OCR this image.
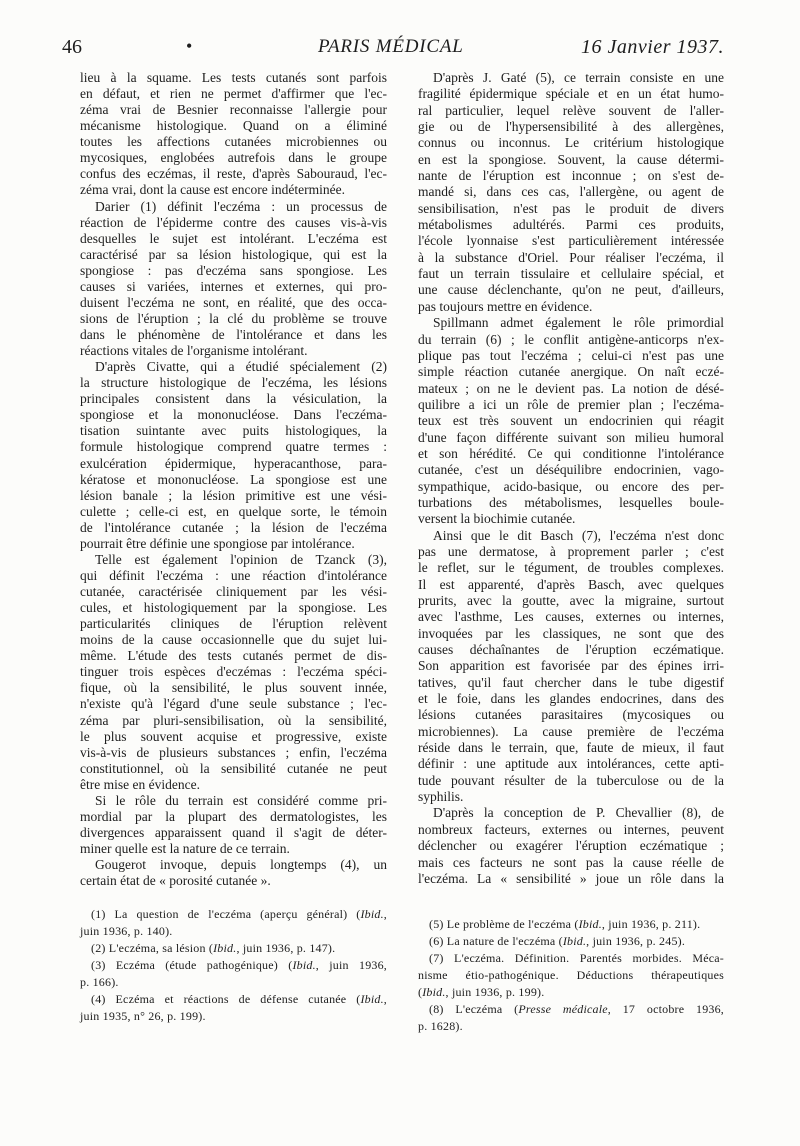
46	•	PARIS MÉDICAL	16 Janvier 1937.
lieu à la squame. Les tests cutanés sont parfois
en défaut, et rien ne permet d'affirmer que l'ec-
zéma vrai de Besnier reconnaisse l'allergie pour
mécanisme histologique. Quand on a éliminé
toutes les affections cutanées microbiennes ou
mycosiques, englobées autrefois dans le groupe
confus des eczémas, il reste, d'après Sabouraud, l'ec-
zéma vrai, dont la cause est encore indéterminée.
Darier (1) définit l'eczéma : un processus de
réaction de l'épiderme contre des causes vis-à-vis
desquelles le sujet est intolérant. L'eczéma est
caractérisé par sa lésion histologique, qui est la
spongiose : pas d'eczéma sans spongiose. Les
causes si variées, internes et externes, qui pro-
duisent l'eczéma ne sont, en réalité, que des occa-
sions de l'éruption ; la clé du problème se trouve
dans le phénomène de l'intolérance et dans les
réactions vitales de l'organisme intolérant.
D'après Civatte, qui a étudié spécialement (2)
la structure histologique de l'eczéma, les lésions
principales consistent dans la vésiculation, la
spongiose et la mononucléose. Dans l'eczéma-
tisation suintante avec puits histologiques, la
formule histologique comprend quatre termes :
exulcération épidermique, hyperacanthose, para-
kératose et mononucléose. La spongiose est une
lésion banale ; la lésion primitive est une vési-
culette ; celle-ci est, en quelque sorte, le témoin
de l'intolérance cutanée ; la lésion de l'eczéma
pourrait être définie une spongiose par intolérance.
Telle est également l'opinion de Tzanck (3),
qui définit l'eczéma : une réaction d'intolérance
cutanée, caractérisée cliniquement par les vési-
cules, et histologiquement par la spongiose. Les
particularités cliniques de l'éruption relèvent
moins de la cause occasionnelle que du sujet lui-
même. L'étude des tests cutanés permet de dis-
tinguer trois espèces d'eczémas : l'eczéma spéci-
fique, où la sensibilité, le plus souvent innée,
n'existe qu'à l'égard d'une seule substance ; l'ec-
zéma par pluri-sensibilisation, où la sensibilité,
le plus souvent acquise et progressive, existe
vis-à-vis de plusieurs substances ; enfin, l'eczéma
constitutionnel, où la sensibilité cutanée ne peut
être mise en évidence.
Si le rôle du terrain est considéré comme pri-
mordial par la plupart des dermatologistes, les
divergences apparaissent quand il s'agit de déter-
miner quelle est la nature de ce terrain.
Gougerot invoque, depuis longtemps (4), un
certain état de « porosité cutanée ».
D'après J. Gaté (5), ce terrain consiste en une
fragilité épidermique spéciale et en un état humo-
ral particulier, lequel relève souvent de l'aller-
gie ou de l'hypersensibilité à des allergènes,
connus ou inconnus. Le critérium histologique
en est la spongiose. Souvent, la cause détermi-
nante de l'éruption est inconnue ; on s'est de-
mandé si, dans ces cas, l'allergène, ou agent de
sensibilisation, n'est pas le produit de divers
métabolismes adultérés. Parmi ces produits,
l'école lyonnaise s'est particulièrement intéressée
à la substance d'Oriel. Pour réaliser l'eczéma, il
faut un terrain tissulaire et cellulaire spécial, et
une cause déclenchante, qu'on ne peut, d'ailleurs,
pas toujours mettre en évidence.
Spillmann admet également le rôle primordial
du terrain (6) ; le conflit antigène-anticorps n'ex-
plique pas tout l'eczéma ; celui-ci n'est pas une
simple réaction cutanée anergique. On naît eczé-
mateux ; on ne le devient pas. La notion de désé-
quilibre a ici un rôle de premier plan ; l'eczéma-
teux est très souvent un endocrinien qui réagit
d'une façon différente suivant son milieu humoral
et son hérédité. Ce qui conditionne l'intolérance
cutanée, c'est un déséquilibre endocrinien, vago-
sympathique, acido-basique, ou encore des per-
turbations des métabolismes, lesquelles boule-
versent la biochimie cutanée.
Ainsi que le dit Basch (7), l'eczéma n'est donc
pas une dermatose, à proprement parler ; c'est
le reflet, sur le tégument, de troubles complexes.
Il est apparenté, d'après Basch, avec quelques
prurits, avec la goutte, avec la migraine, surtout
avec l'asthme, Les causes, externes ou internes,
invoquées par les classiques, ne sont que des
causes déchaînantes de l'éruption eczématique.
Son apparition est favorisée par des épines irri-
tatives, qu'il faut chercher dans le tube digestif
et le foie, dans les glandes endocrines, dans des
lésions cutanées parasitaires (mycosiques ou
microbiennes). La cause première de l'eczéma
réside dans le terrain, que, faute de mieux, il faut
définir : une aptitude aux intolérances, cette apti-
tude pouvant résulter de la tuberculose ou de la
syphilis.
D'après la conception de P. Chevallier (8), de
nombreux facteurs, externes ou internes, peuvent
déclencher ou exagérer l'éruption eczématique ;
mais ces facteurs ne sont pas la cause réelle de
l'eczéma. La « sensibilité » joue un rôle dans la
(1) La question de l'eczéma (aperçu général) (Ibid.,
juin 1936, p. 140).
(2) L'eczéma, sa lésion (Ibid., juin 1936, p. 147).
(3) Eczéma (étude pathogénique) (Ibid., juin 1936,
p. 166).
(4) Eczéma et réactions de défense cutanée (Ibid.,
juin 1935, n° 26, p. 199).
(5) Le problème de l'eczéma (Ibid., juin 1936, p. 211).
(6) La nature de l'eczéma (Ibid., juin 1936, p. 245).
(7) L'eczéma. Définition. Parentés morbides. Méca-
nisme étio-pathogénique. Déductions thérapeutiques
(Ibid., juin 1936, p. 199).
(8) L'eczéma (Presse médicale, 17 octobre 1936,
p. 1628).
